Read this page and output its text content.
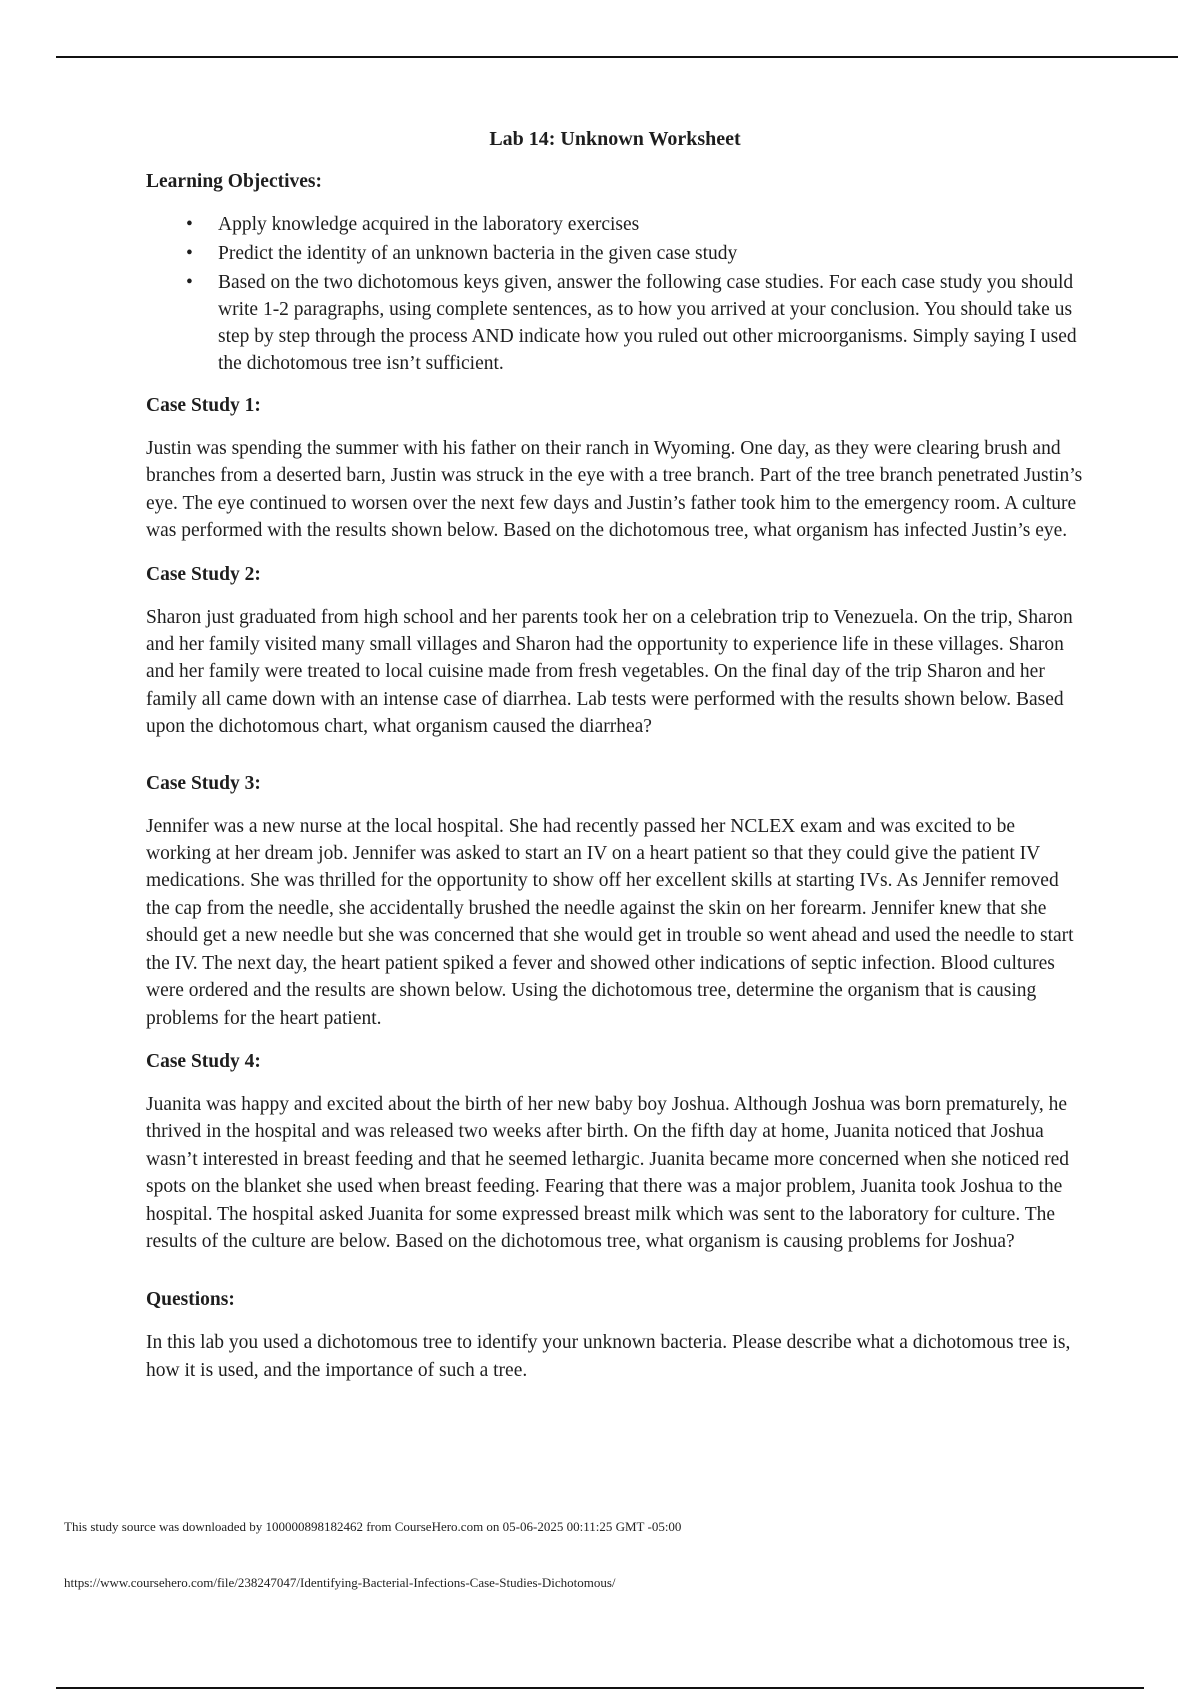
Lab 14: Unknown Worksheet
Learning Objectives:
• Apply knowledge acquired in the laboratory exercises
• Predict the identity of an unknown bacteria in the given case study
• Based on the two dichotomous keys given, answer the following case studies. For each case study you should write 1-2 paragraphs, using complete sentences, as to how you arrived at your conclusion. You should take us step by step through the process AND indicate how you ruled out other microorganisms. Simply saying I used the dichotomous tree isn’t sufficient.
Case Study 1:

Justin was spending the summer with his father on their ranch in Wyoming. One day, as they were clearing brush and branches from a deserted barn, Justin was struck in the eye with a tree branch. Part of the tree branch penetrated Justin’s eye. The eye continued to worsen over the next few days and Justin’s father took him to the emergency room. A culture was performed with the results shown below. Based on the dichotomous tree, what organism has infected Justin’s eye.

Case Study 2:

Sharon just graduated from high school and her parents took her on a celebration trip to Venezuela. On the trip, Sharon and her family visited many small villages and Sharon had the opportunity to experience life in these villages. Sharon and her family were treated to local cuisine made from fresh vegetables. On the final day of the trip Sharon and her family all came down with an intense case of diarrhea. Lab tests were performed with the results shown below. Based upon the dichotomous chart, what organism caused the diarrhea?

Case Study 3:

Jennifer was a new nurse at the local hospital. She had recently passed her NCLEX exam and was excited to be working at her dream job. Jennifer was asked to start an IV on a heart patient so that they could give the patient IV medications. She was thrilled for the opportunity to show off her excellent skills at starting IVs. As Jennifer removed the cap from the needle, she accidentally brushed the needle against the skin on her forearm. Jennifer knew that she should get a new needle but she was concerned that she would get in trouble so went ahead and used the needle to start the IV. The next day, the heart patient spiked a fever and showed other indications of septic infection. Blood cultures were ordered and the results are shown below. Using the dichotomous tree, determine the organism that is causing problems for the heart patient.

Case Study 4:

Juanita was happy and excited about the birth of her new baby boy Joshua. Although Joshua was born prematurely, he thrived in the hospital and was released two weeks after birth. On the fifth day at home, Juanita noticed that Joshua wasn’t interested in breast feeding and that he seemed lethargic. Juanita became more concerned when she noticed red spots on the blanket she used when breast feeding. Fearing that there was a major problem, Juanita took Joshua to the hospital. The hospital asked Juanita for some expressed breast milk which was sent to the laboratory for culture. The results of the culture are below. Based on the dichotomous tree, what organism is causing problems for Joshua?

Questions:

In this lab you used a dichotomous tree to identify your unknown bacteria. Please describe what a dichotomous tree is, how it is used, and the importance of such a tree.

This study source was downloaded by 100000898182462 from CourseHero.com on 05-06-2025 00:11:25 GMT -05:00
https://www.coursehero.com/file/238247047/Identifying-Bacterial-Infections-Case-Studies-Dichotomous/
